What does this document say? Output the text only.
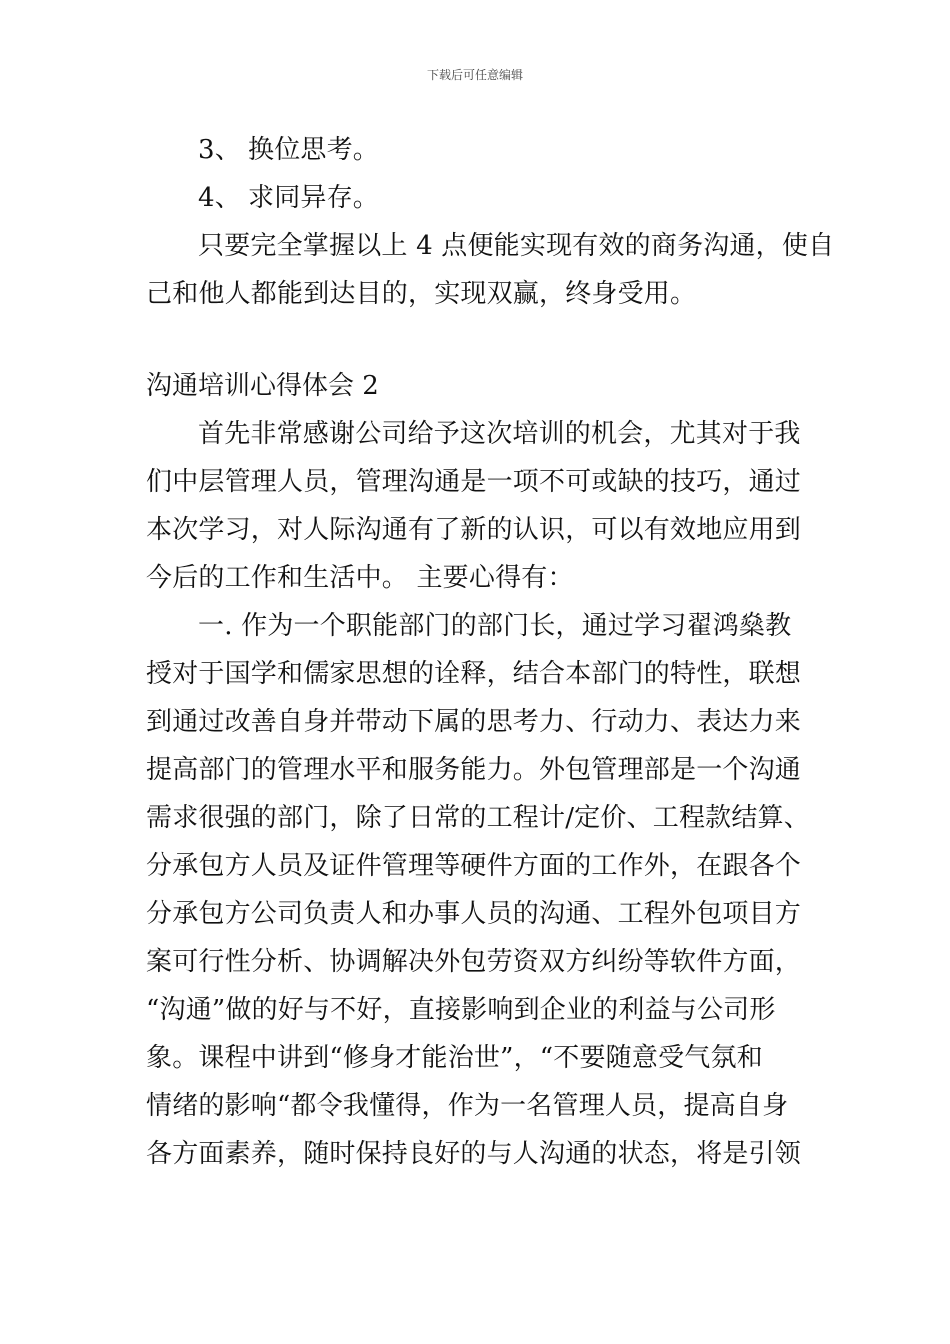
下载后可任意编辑
3、 换位思考。
4、 求同异存。
只要完全掌握以上 4 点便能实现有效的商务沟通，使自
己和他人都能到达目的，实现双赢，终身受用。
沟通培训心得体会 2
首先非常感谢公司给予这次培训的机会，尤其对于我
们中层管理人员，管理沟通是一项不可或缺的技巧，通过
本次学习，对人际沟通有了新的认识，可以有效地应用到
今后的工作和生活中。 主要心得有：
一. 作为一个职能部门的部门长，通过学习翟鸿燊教
授对于国学和儒家思想的诠释，结合本部门的特性，联想
到通过改善自身并带动下属的思考力、行动力、表达力来
提高部门的管理水平和服务能力。外包管理部是一个沟通
需求很强的部门，除了日常的工程计/定价、工程款结算、
分承包方人员及证件管理等硬件方面的工作外，在跟各个
分承包方公司负责人和办事人员的沟通、工程外包项目方
案可行性分析、协调解决外包劳资双方纠纷等软件方面，
“沟通”做的好与不好，直接影响到企业的利益与公司形
象。课程中讲到“修身才能治世”，“不要随意受气氛和
情绪的影响“都令我懂得，作为一名管理人员，提高自身
各方面素养，随时保持良好的与人沟通的状态，将是引领
